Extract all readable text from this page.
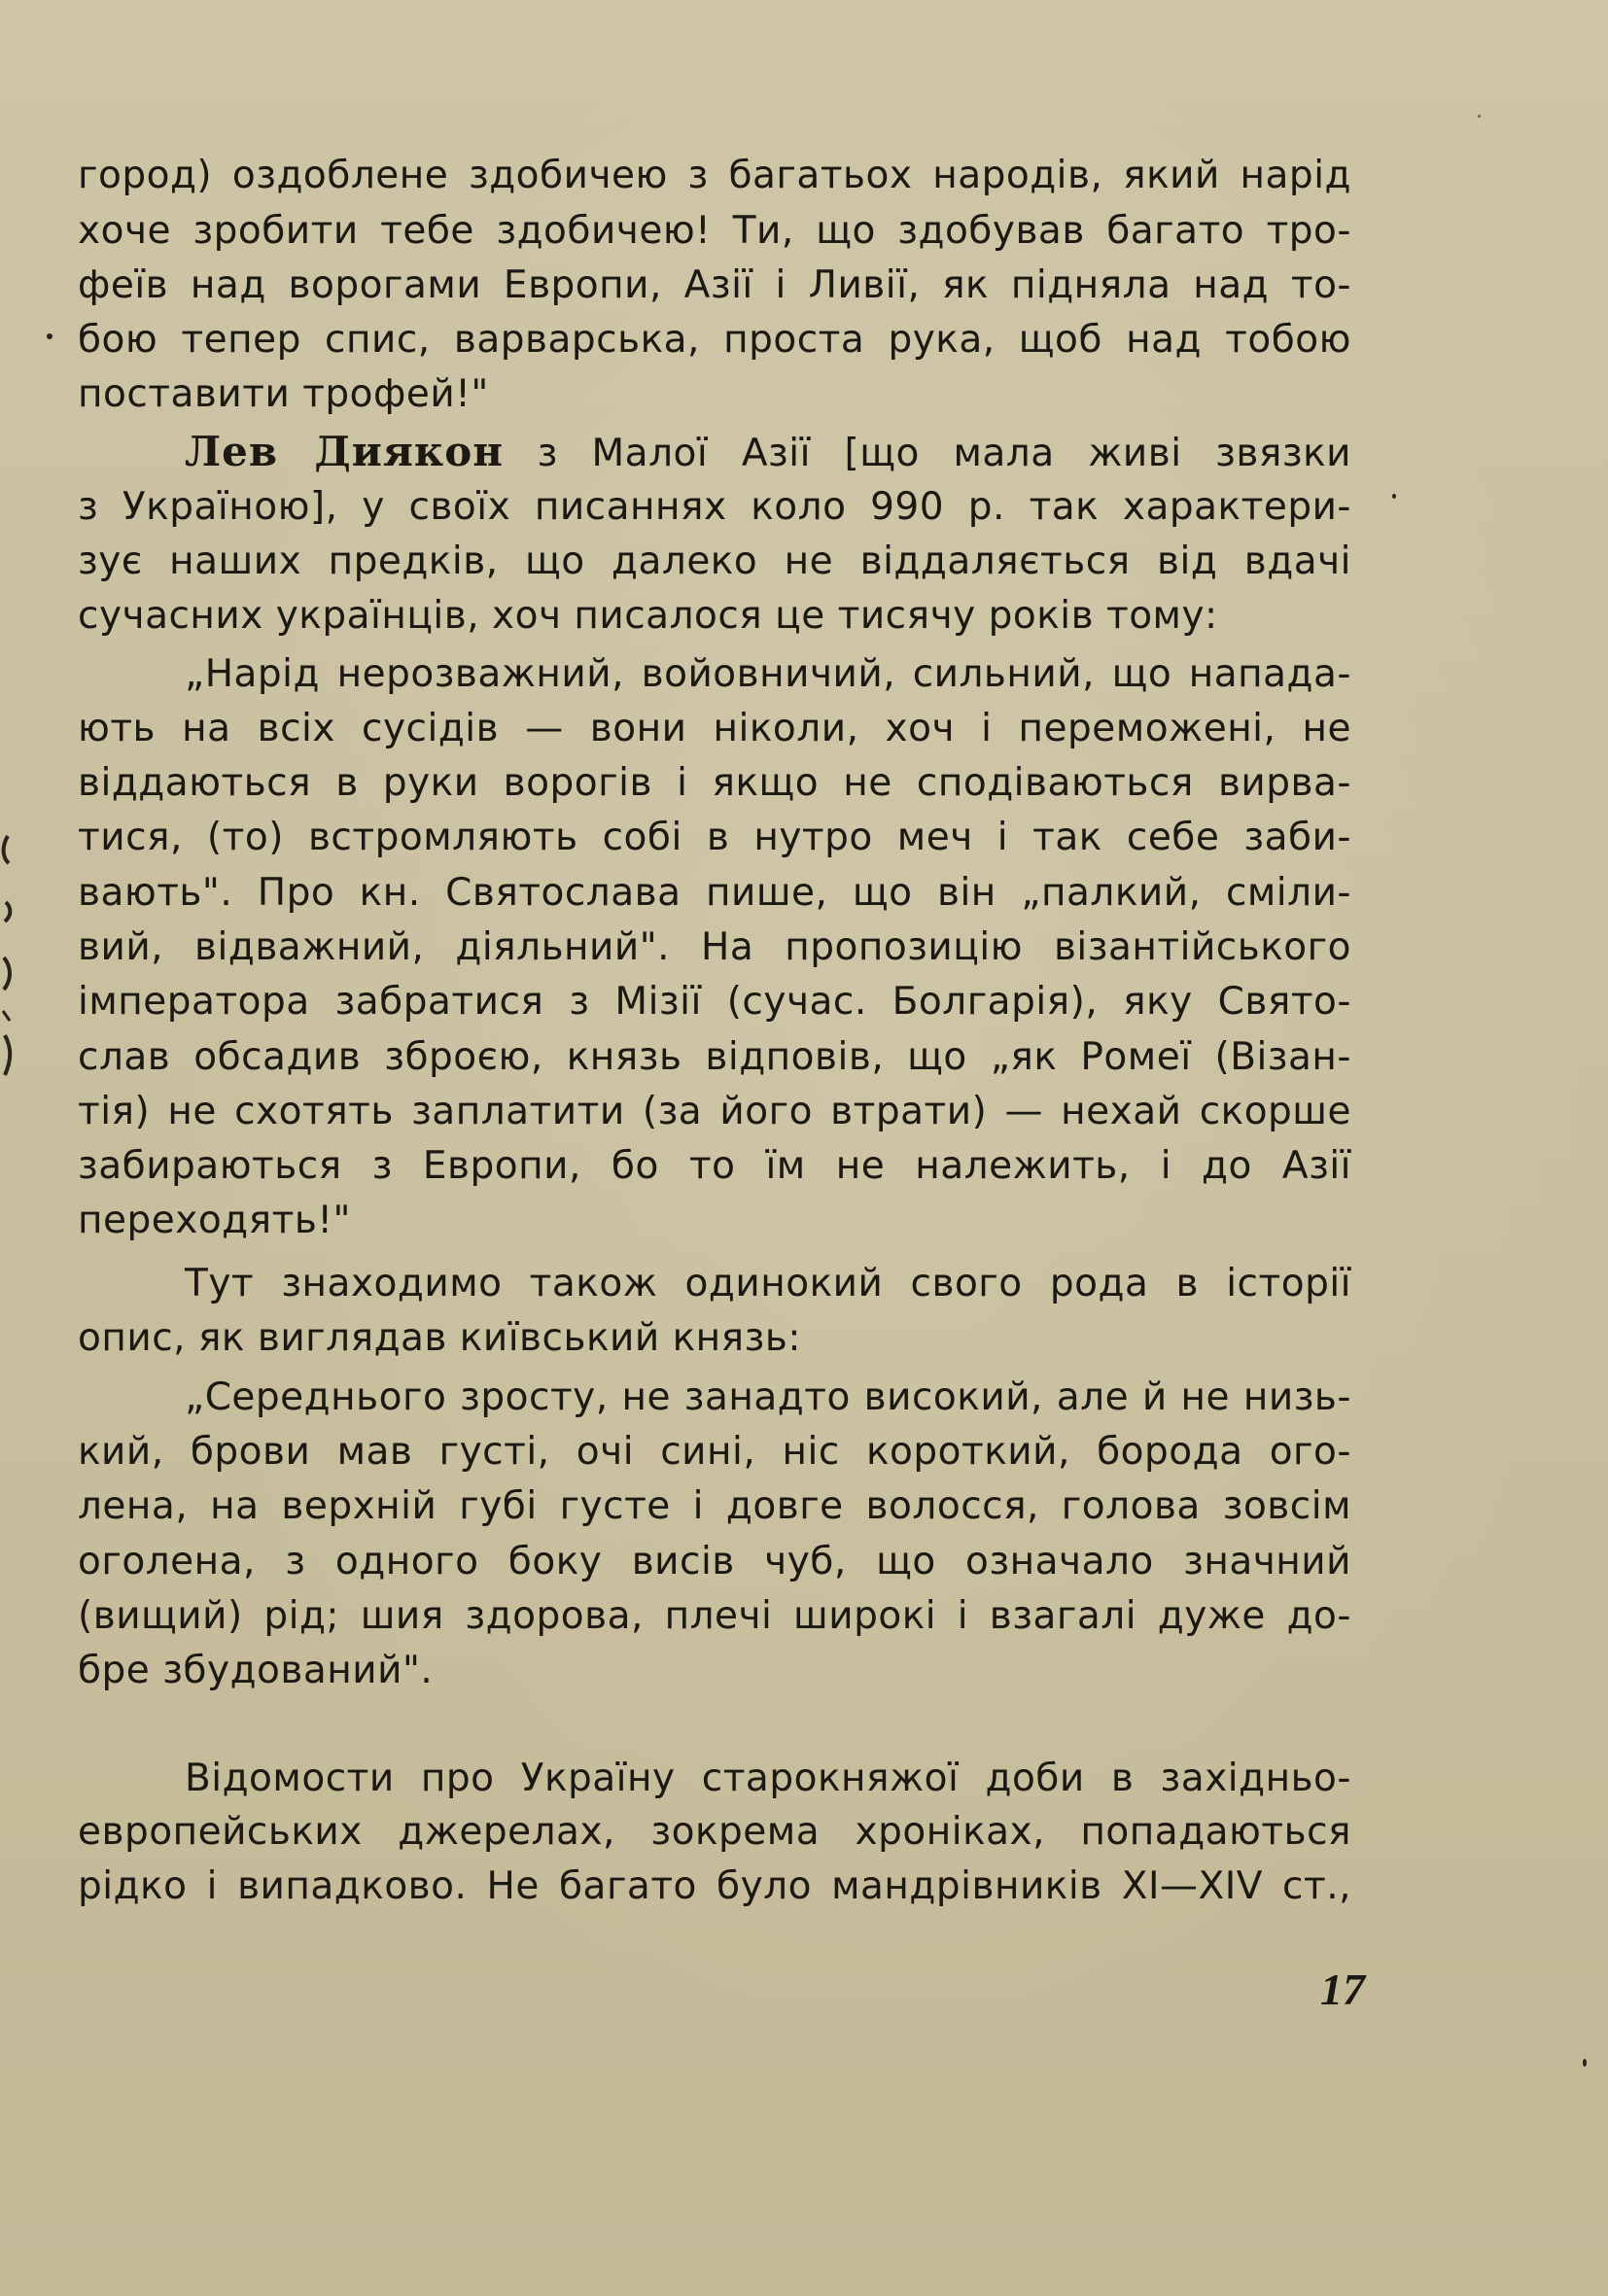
город) оздоблене здобичею з багатьох народів, який нарід
хоче зробити тебе здобичею! Ти, що здобував багато тро-
феїв над ворогами Европи, Азії і Ливії, як підняла над то-
бою тепер спис, варварська, проста рука, щоб над тобою
поставити трофей!"
Лев Диякон з Малої Азії [що мала живі звязки
з Україною], у своїх писаннях коло 990 р. так характери-
зує наших предків, що далеко не віддаляється від вдачі
сучасних українців, хоч писалося це тисячу років тому:
„Нарід нерозважний, войовничий, сильний, що напада-
ють на всіх сусідів — вони ніколи, хоч і переможені, не
віддаються в руки ворогів і якщо не сподіваються вирва-
тися, (то) встромляють собі в нутро меч і так себе заби-
вають". Про кн. Святослава пише, що він „палкий, сміли-
вий, відважний, діяльний". На пропозицію візантійського
імператора забратися з Мізії (сучас. Болгарія), яку Свято-
слав обсадив зброєю, князь відповів, що „як Ромеї (Візан-
тія) не схотять заплатити (за його втрати) — нехай скорше
забираються з Европи, бо то їм не належить, і до Азії
переходять!"
Тут знаходимо також одинокий свого рода в історії
опис, як виглядав київський князь:
„Середнього зросту, не занадто високий, але й не низь-
кий, брови мав густі, очі сині, ніс короткий, борода ого-
лена, на верхній губі густе і довге волосся, голова зовсім
оголена, з одного боку висів чуб, що означало значний
(вищий) рід; шия здорова, плечі широкі і взагалі дуже до-
бре збудований".
Відомости про Україну старокняжої доби в західньо-
европейських джерелах, зокрема хроніках, попадаються
рідко і випадково. Не багато було мандрівників XI—XIV ст.,
17
